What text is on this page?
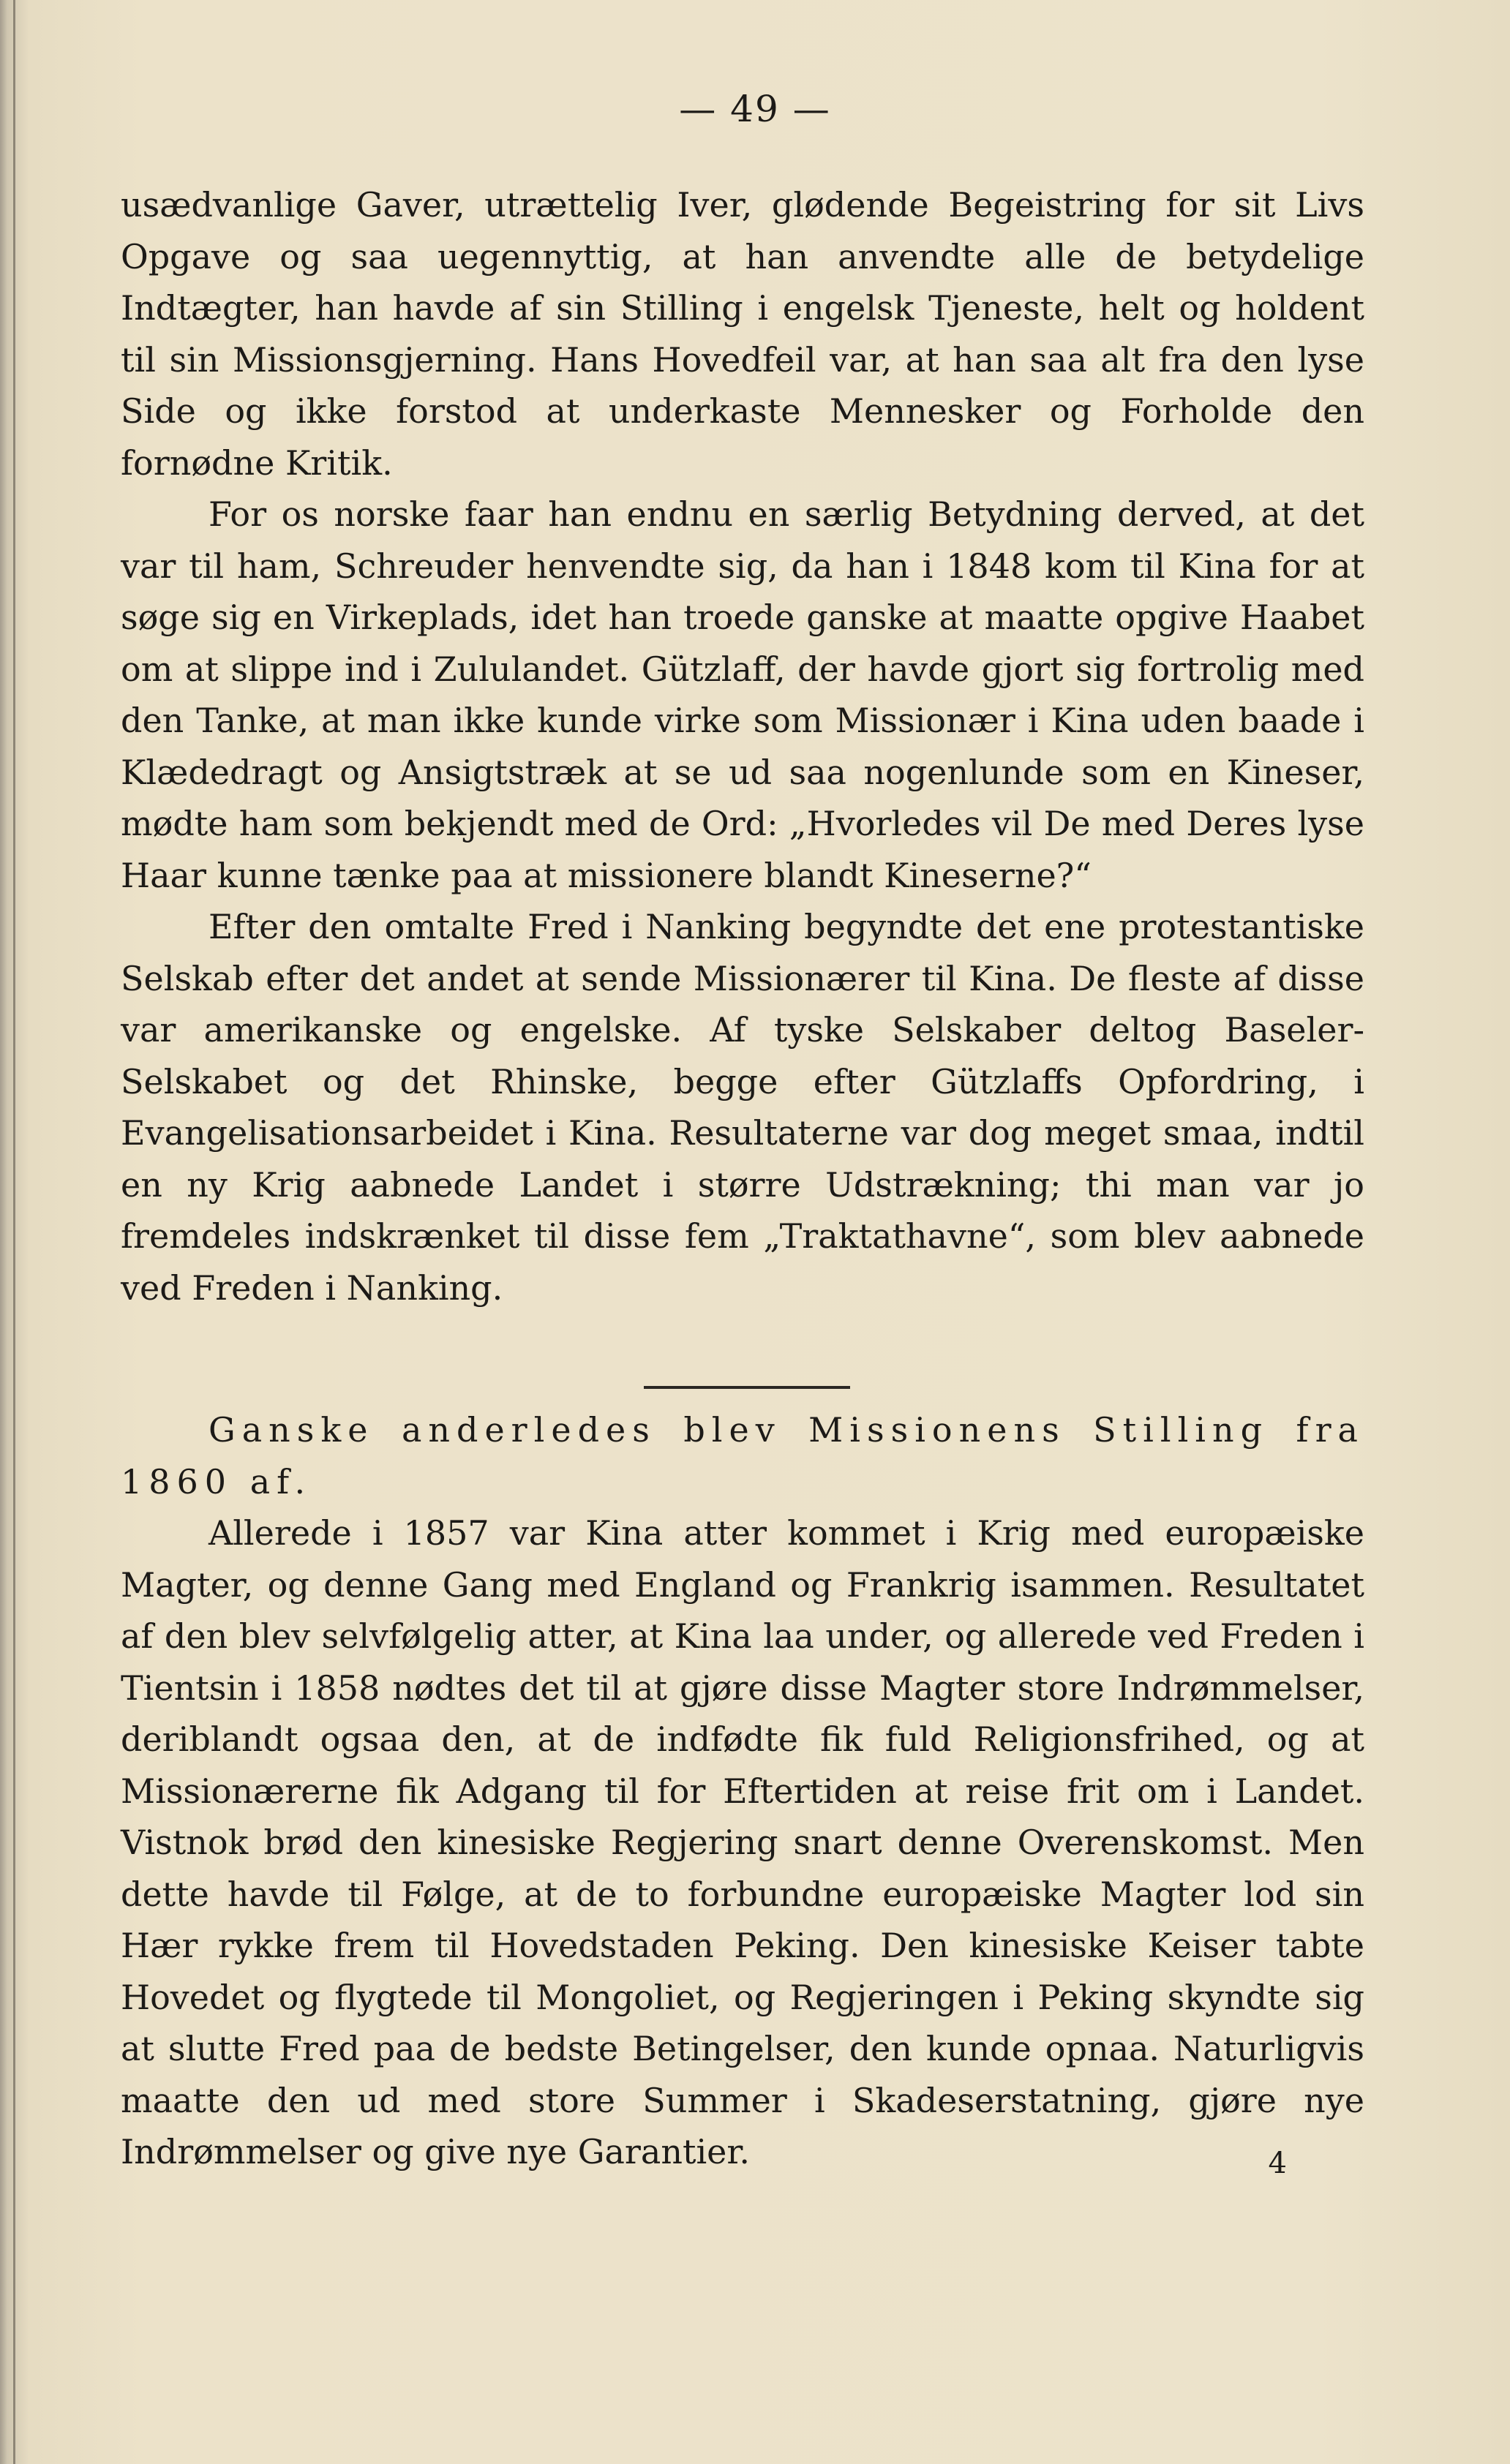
— 49 —

usædvanlige Gaver, utrættelig Iver, glødende Begeistring for sit Livs Opgave og saa uegennyttig, at han anvendte alle de betydelige Indtægter, han havde af sin Stilling i engelsk Tjeneste, helt og holdent til sin Missionsgjerning. Hans Hovedfeil var, at han saa alt fra den lyse Side og ikke forstod at underkaste Mennesker og Forholde den fornødne Kritik.

For os norske faar han endnu en særlig Betydning derved, at det var til ham, Schreuder henvendte sig, da han i 1848 kom til Kina for at søge sig en Virkeplads, idet han troede ganske at maatte opgive Haabet om at slippe ind i Zululandet. Gützlaff, der havde gjort sig fortrolig med den Tanke, at man ikke kunde virke som Missionær i Kina uden baade i Klædedragt og Ansigtstræk at se ud saa nogenlunde som en Kineser, mødte ham som bekjendt med de Ord: „Hvorledes vil De med Deres lyse Haar kunne tænke paa at missionere blandt Kineserne?“

Efter den omtalte Fred i Nanking begyndte det ene protestantiske Selskab efter det andet at sende Missionærer til Kina. De fleste af disse var amerikanske og engelske. Af tyske Selskaber deltog Baseler-Selskabet og det Rhinske, begge efter Gützlaffs Opfordring, i Evangelisationsarbeidet i Kina. Resultaterne var dog meget smaa, indtil en ny Krig aabnede Landet i større Udstrækning; thi man var jo fremdeles indskrænket til disse fem „Traktathavne“, som blev aabnede ved Freden i Nanking.

Ganske anderledes blev Missionens Stilling fra 1860 af.

Allerede i 1857 var Kina atter kommet i Krig med europæiske Magter, og denne Gang med England og Frankrig isammen. Resultatet af den blev selvfølgelig atter, at Kina laa under, og allerede ved Freden i Tientsin i 1858 nødtes det til at gjøre disse Magter store Indrømmelser, deriblandt ogsaa den, at de indfødte fik fuld Religionsfrihed, og at Missionærerne fik Adgang til for Eftertiden at reise frit om i Landet. Vistnok brød den kinesiske Regjering snart denne Overenskomst. Men dette havde til Følge, at de to forbundne europæiske Magter lod sin Hær rykke frem til Hovedstaden Peking. Den kinesiske Keiser tabte Hovedet og flygtede til Mongoliet, og Regjeringen i Peking skyndte sig at slutte Fred paa de bedste Betingelser, den kunde opnaa. Naturligvis maatte den ud med store Summer i Skadeserstatning, gjøre nye Indrømmelser og give nye Garantier.	4
